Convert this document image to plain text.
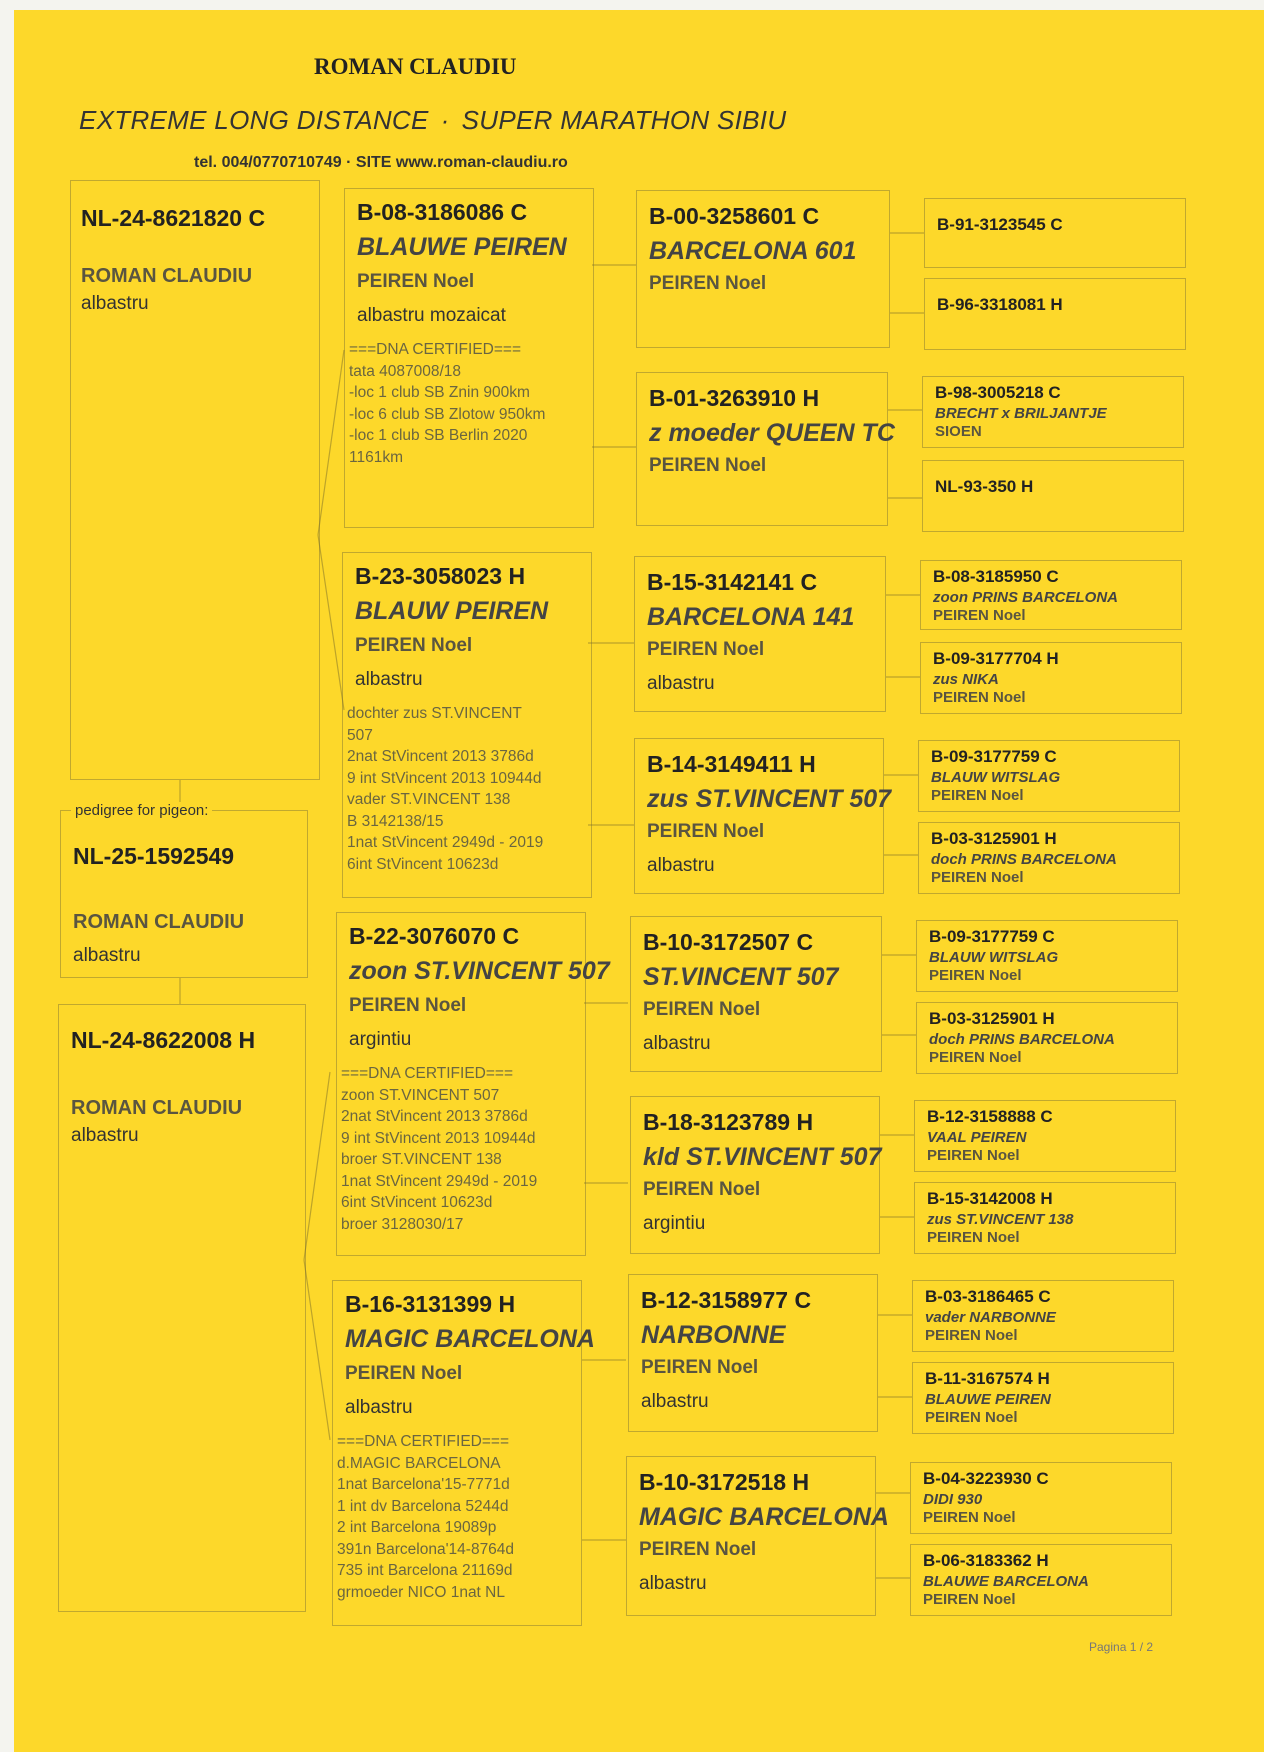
ROMAN CLAUDIU
EXTREME LONG DISTANCE · SUPER MARATHON SIBIU
tel. 004/0770710749 · SITE www.roman-claudiu.ro
NL-24-8621820 C
ROMAN CLAUDIU
albastru
pedigree for pigeon:
NL-25-1592549
ROMAN CLAUDIU
albastru
NL-24-8622008 H
ROMAN CLAUDIU
albastru
B-08-3186086 C
BLAUWE PEIREN
PEIREN Noel
albastru mozaicat
===DNA CERTIFIED===
tata 4087008/18
-loc 1 club SB Znin 900km
-loc 6 club SB Zlotow 950km
-loc 1 club SB Berlin 2020
1161km
B-23-3058023 H
BLAUW PEIREN
PEIREN Noel
albastru
dochter zus ST.VINCENT
507
2nat StVincent 2013 3786d
9 int StVincent 2013 10944d
vader ST.VINCENT 138
B 3142138/15
1nat StVincent 2949d - 2019
6int StVincent 10623d
B-22-3076070 C
zoon ST.VINCENT 507
PEIREN Noel
argintiu
===DNA CERTIFIED===
zoon ST.VINCENT 507
2nat StVincent 2013 3786d
9 int StVincent 2013 10944d
broer ST.VINCENT 138
1nat StVincent 2949d - 2019
6int StVincent 10623d
broer 3128030/17
B-16-3131399 H
MAGIC BARCELONA
PEIREN Noel
albastru
===DNA CERTIFIED===
d.MAGIC BARCELONA
1nat Barcelona'15-7771d
1 int dv Barcelona 5244d
2 int Barcelona 19089p
391n Barcelona'14-8764d
735 int Barcelona 21169d
grmoeder NICO 1nat NL
B-00-3258601 C
BARCELONA 601
PEIREN Noel
B-01-3263910 H
z moeder QUEEN TC
PEIREN Noel
B-15-3142141 C
BARCELONA 141
PEIREN Noel
albastru
B-14-3149411 H
zus ST.VINCENT 507
PEIREN Noel
albastru
B-10-3172507 C
ST.VINCENT 507
PEIREN Noel
albastru
B-18-3123789 H
kld ST.VINCENT 507
PEIREN Noel
argintiu
B-12-3158977 C
NARBONNE
PEIREN Noel
albastru
B-10-3172518 H
MAGIC BARCELONA
PEIREN Noel
albastru
B-91-3123545 C
B-96-3318081 H
B-98-3005218 C
BRECHT x BRILJANTJE
SIOEN
NL-93-350 H
B-08-3185950 C
zoon PRINS BARCELONA
PEIREN Noel
B-09-3177704 H
zus NIKA
PEIREN Noel
B-09-3177759 C
BLAUW WITSLAG
PEIREN Noel
B-03-3125901 H
doch PRINS BARCELONA
PEIREN Noel
B-09-3177759 C
BLAUW WITSLAG
PEIREN Noel
B-03-3125901 H
doch PRINS BARCELONA
PEIREN Noel
B-12-3158888 C
VAAL PEIREN
PEIREN Noel
B-15-3142008 H
zus ST.VINCENT 138
PEIREN Noel
B-03-3186465 C
vader NARBONNE
PEIREN Noel
B-11-3167574 H
BLAUWE PEIREN
PEIREN Noel
B-04-3223930 C
DIDI 930
PEIREN Noel
B-06-3183362 H
BLAUWE BARCELONA
PEIREN Noel
Pagina 1 / 2
